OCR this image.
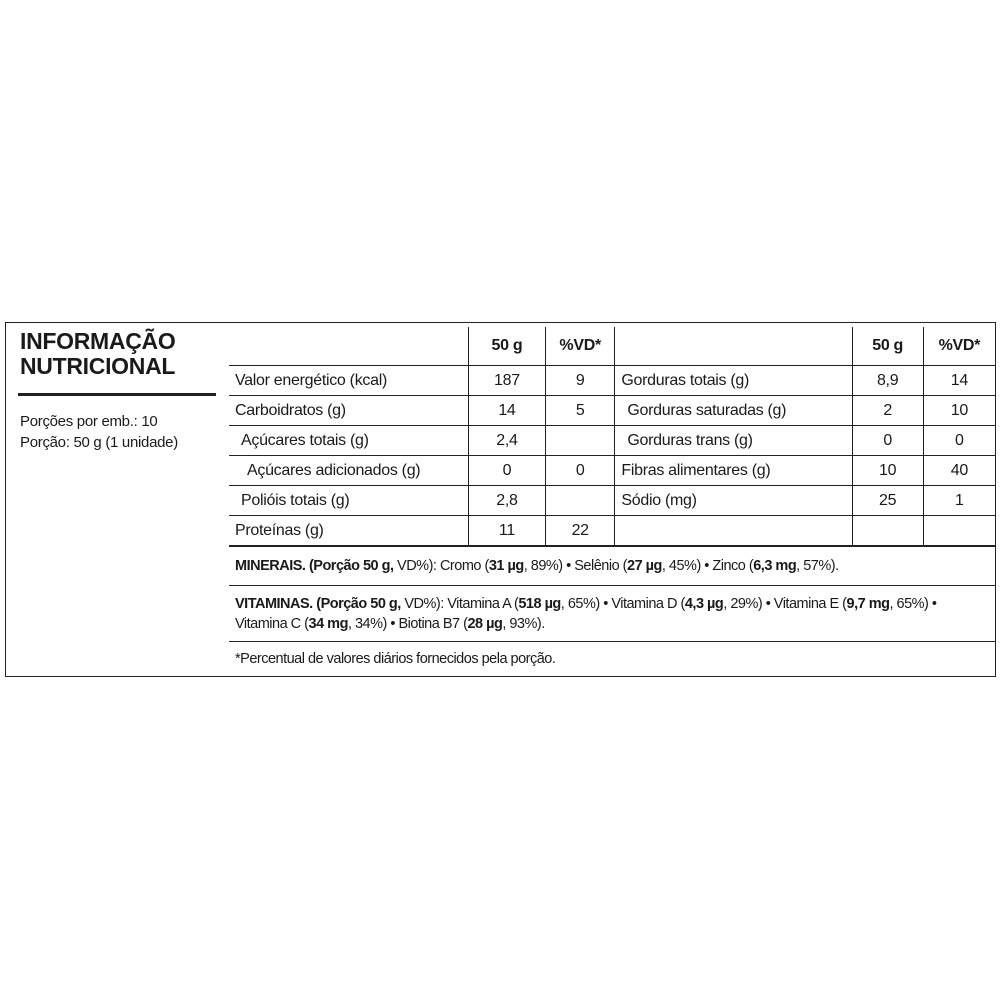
INFORMAÇÃO
NUTRICIONAL
Porções por emb.: 10
Porção: 50 g (1 unidade)
	50 g	%VD*		50 g	%VD*
Valor energético (kcal)	187	9	Gorduras totais (g)	8,9	14
Carboidratos (g)	14	5	Gorduras saturadas (g)	2	10
Açúcares totais (g)	2,4		Gorduras trans (g)	0	0
Açúcares adicionados (g)	0	0	Fibras alimentares (g)	10	40
Polióis totais (g)	2,8		Sódio (mg)	25	1
Proteínas (g)	11	22			
MINERAIS. (Porção 50 g, VD%): Cromo (31 µg, 89%) • Selênio (27 µg, 45%) • Zinco (6,3 mg, 57%).
VITAMINAS. (Porção 50 g, VD%): Vitamina A (518 µg, 65%) • Vitamina D (4,3 µg, 29%) • Vitamina E (9,7 mg, 65%) • Vitamina C (34 mg, 34%) • Biotina B7 (28 µg, 93%).
*Percentual de valores diários fornecidos pela porção.
